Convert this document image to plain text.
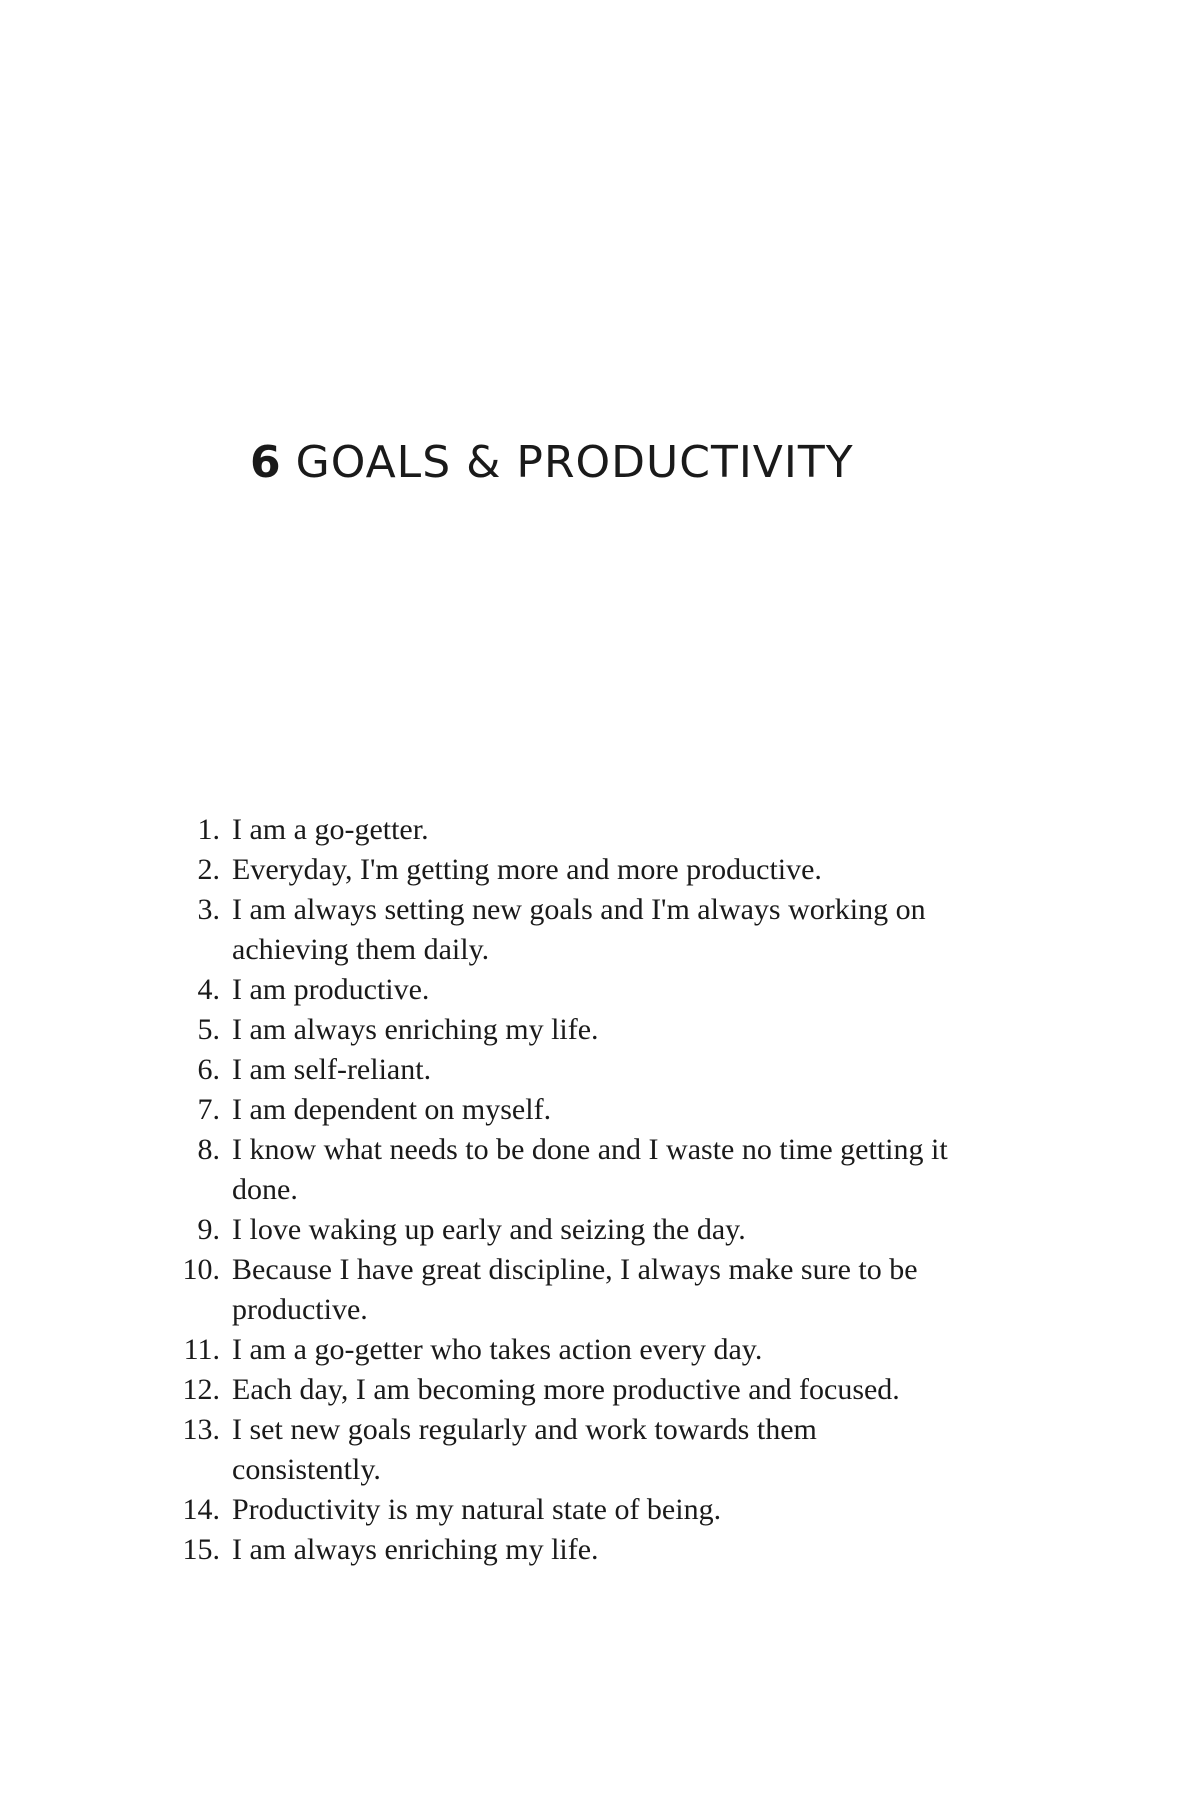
6 GOALS & PRODUCTIVITY
1. I am a go-getter.
2. Everyday, I'm getting more and more productive.
3. I am always setting new goals and I'm always working on achieving them daily.
4. I am productive.
5. I am always enriching my life.
6. I am self-reliant.
7. I am dependent on myself.
8. I know what needs to be done and I waste no time getting it done.
9. I love waking up early and seizing the day.
10. Because I have great discipline, I always make sure to be productive.
11. I am a go-getter who takes action every day.
12. Each day, I am becoming more productive and focused.
13. I set new goals regularly and work towards them consistently.
14. Productivity is my natural state of being.
15. I am always enriching my life.
